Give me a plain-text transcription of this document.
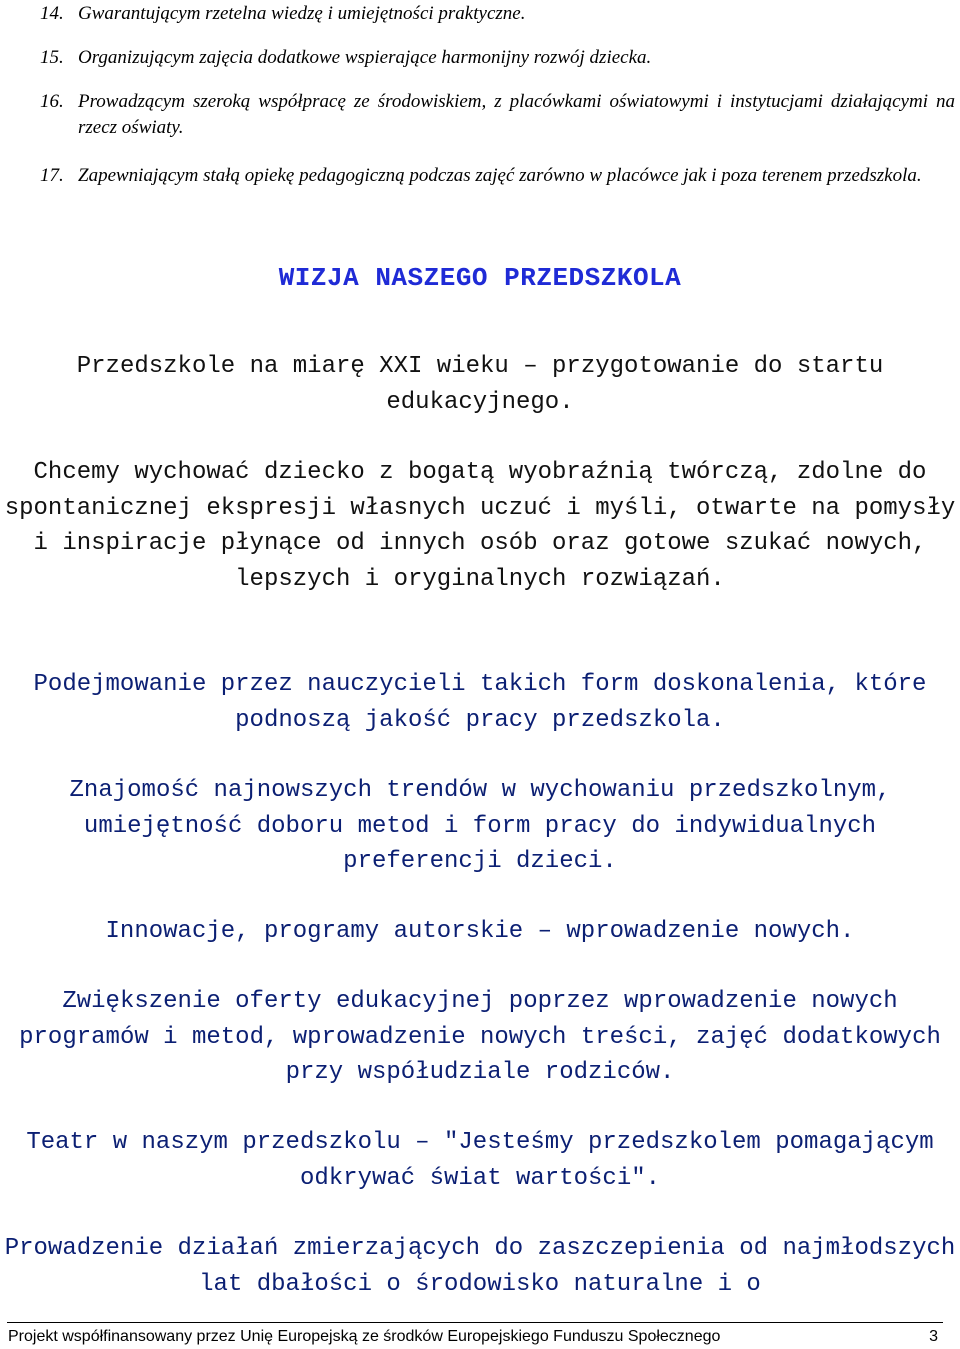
14. Gwarantującym rzetelna wiedzę i umiejętności praktyczne.
15. Organizującym zajęcia dodatkowe wspierające harmonijny rozwój dziecka.
16. Prowadzącym szeroką współpracę ze środowiskiem, z placówkami oświatowymi i instytucjami działającymi na rzecz oświaty.
17. Zapewniającym stałą opiekę pedagogiczną podczas zajęć zarówno w placówce jak i poza terenem przedszkola.
WIZJA NASZEGO PRZEDSZKOLA
Przedszkole na miarę XXI wieku – przygotowanie do startu edukacyjnego.
Chcemy wychować dziecko z bogatą wyobraźnią twórczą, zdolne do spontanicznej ekspresji własnych uczuć i myśli, otwarte na pomysły i inspiracje płynące od innych osób oraz gotowe szukać nowych, lepszych i oryginalnych rozwiązań.
Podejmowanie przez nauczycieli takich form doskonalenia, które podnoszą jakość pracy przedszkola.
Znajomość najnowszych trendów w wychowaniu przedszkolnym, umiejętność doboru metod i form pracy do indywidualnych preferencji dzieci.
Innowacje, programy autorskie – wprowadzenie nowych.
Zwiększenie oferty edukacyjnej poprzez wprowadzenie nowych programów i metod, wprowadzenie nowych treści, zajęć dodatkowych przy współudziale rodziców.
Teatr w naszym przedszkolu – "Jesteśmy przedszkolem pomagającym odkrywać świat wartości".
Prowadzenie działań zmierzających do zaszczepienia od najmłodszych lat dbałości o środowisko naturalne i o
Projekt współfinansowany przez Unię Europejską ze środków Europejskiego Funduszu Społecznego	3
